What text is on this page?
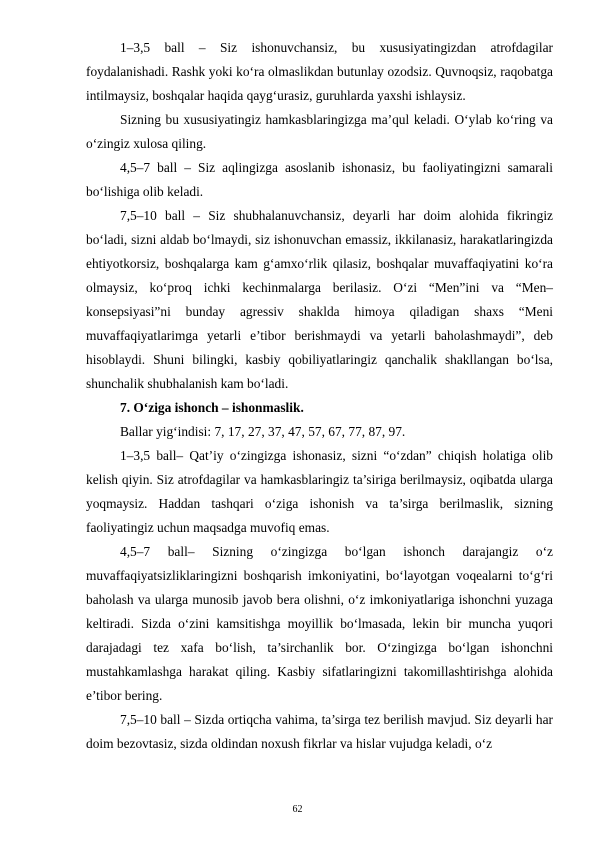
1–3,5 ball – Siz ishonuvchansiz, bu xususiyatingizdan atrofdagilar foydalanishadi. Rashk yoki ko‘ra olmaslikdan butunlay ozodsiz. Quvnoqsiz, raqobatga intilmaysiz, boshqalar haqida qayg‘urasiz, guruhlarda yaxshi ishlaysiz.

Sizning bu xususiyatingiz hamkasblaringizga ma’qul keladi. O‘ylab ko‘ring va o‘zingiz xulosa qiling.

4,5–7 ball – Siz aqlingizga asoslanib ishonasiz, bu faoliyatingizni samarali bo‘lishiga olib keladi.

7,5–10 ball – Siz shubhalanuvchansiz, deyarli har doim alohida fikringiz bo‘ladi, sizni aldab bo‘lmaydi, siz ishonuvchan emassiz, ikkilanasiz, harakatlaringizda ehtiyotkorsiz, boshqalarga kam g‘amxo‘rlik qilasiz, boshqalar muvaffaqiyatini ko‘ra olmaysiz, ko‘proq ichki kechinmalarga berilasiz. O‘zi “Men”ini va “Men–konsepsiyasi”ni bunday agressiv shaklda himoya qiladigan shaxs “Meni muvaffaqiyatlarimga yetarli e’tibor berishmaydi va yetarli baholashmaydi”, deb hisoblaydi. Shuni bilingki, kasbiy qobiliyatlaringiz qanchalik shakllangan bo‘lsa, shunchalik shubhalanish kam bo‘ladi.

7. O‘ziga ishonch – ishonmaslik.

Ballar yig‘indisi: 7, 17, 27, 37, 47, 57, 67, 77, 87, 97.

1–3,5 ball– Qat’iy o‘zingizga ishonasiz, sizni “o‘zdan” chiqish holatiga olib kelish qiyin. Siz atrofdagilar va hamkasblaringiz ta’siriga berilmaysiz, oqibatda ularga yoqmaysiz. Haddan tashqari o‘ziga ishonish va ta’sirga berilmaslik, sizning faoliyatingiz uchun maqsadga muvofiq emas.

4,5–7 ball– Sizning o‘zingizga bo‘lgan ishonch darajangiz o‘z muvaffaqiyatsizliklaringizni boshqarish imkoniyatini, bo‘layotgan voqealarni to‘g‘ri baholash va ularga munosib javob bera olishni, o‘z imkoniyatlariga ishonchni yuzaga keltiradi. Sizda o‘zini kamsitishga moyillik bo‘lmasada, lekin bir muncha yuqori darajadagi tez xafa bo‘lish, ta’sirchanlik bor. O‘zingizga bo‘lgan ishonchni mustahkamlashga harakat qiling. Kasbiy sifatlaringizni takomillashtirishga alohida e’tibor bering.

7,5–10 ball – Sizda ortiqcha vahima, ta’sirga tez berilish mavjud. Siz deyarli har doim bezovtasiz, sizda oldindan noxush fikrlar va hislar vujudga keladi, o‘z

62
